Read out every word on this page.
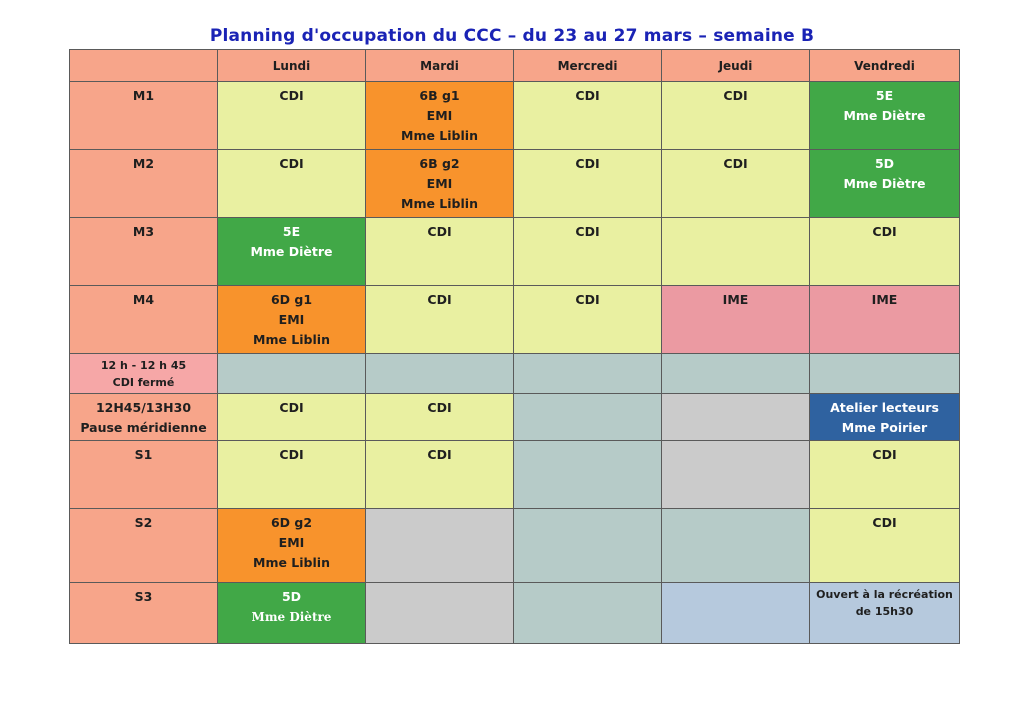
Planning d'occupation du CCC – du 23 au 27 mars – semaine B
	Lundi	Mardi	Mercredi	Jeudi	Vendredi

M1	CDI	6B g1
EMI
Mme Liblin	CDI	CDI	5E
Mme Diètre

M2	CDI	6B g2
EMI
Mme Liblin	CDI	CDI	5D
Mme Diètre

M3	5E
Mme Diètre	CDI	CDI		CDI

M4	6D g1
EMI
Mme Liblin	CDI	CDI	IME	IME

12 h - 12 h 45
CDI fermé					

12H45/13H30
Pause méridienne	CDI	CDI			Atelier lecteurs
Mme Poirier

S1	CDI	CDI			CDI

S2	6D g2
EMI
Mme Liblin				CDI

S3	5D
Mme Diètre				Ouvert à la récréation
de 15h30
